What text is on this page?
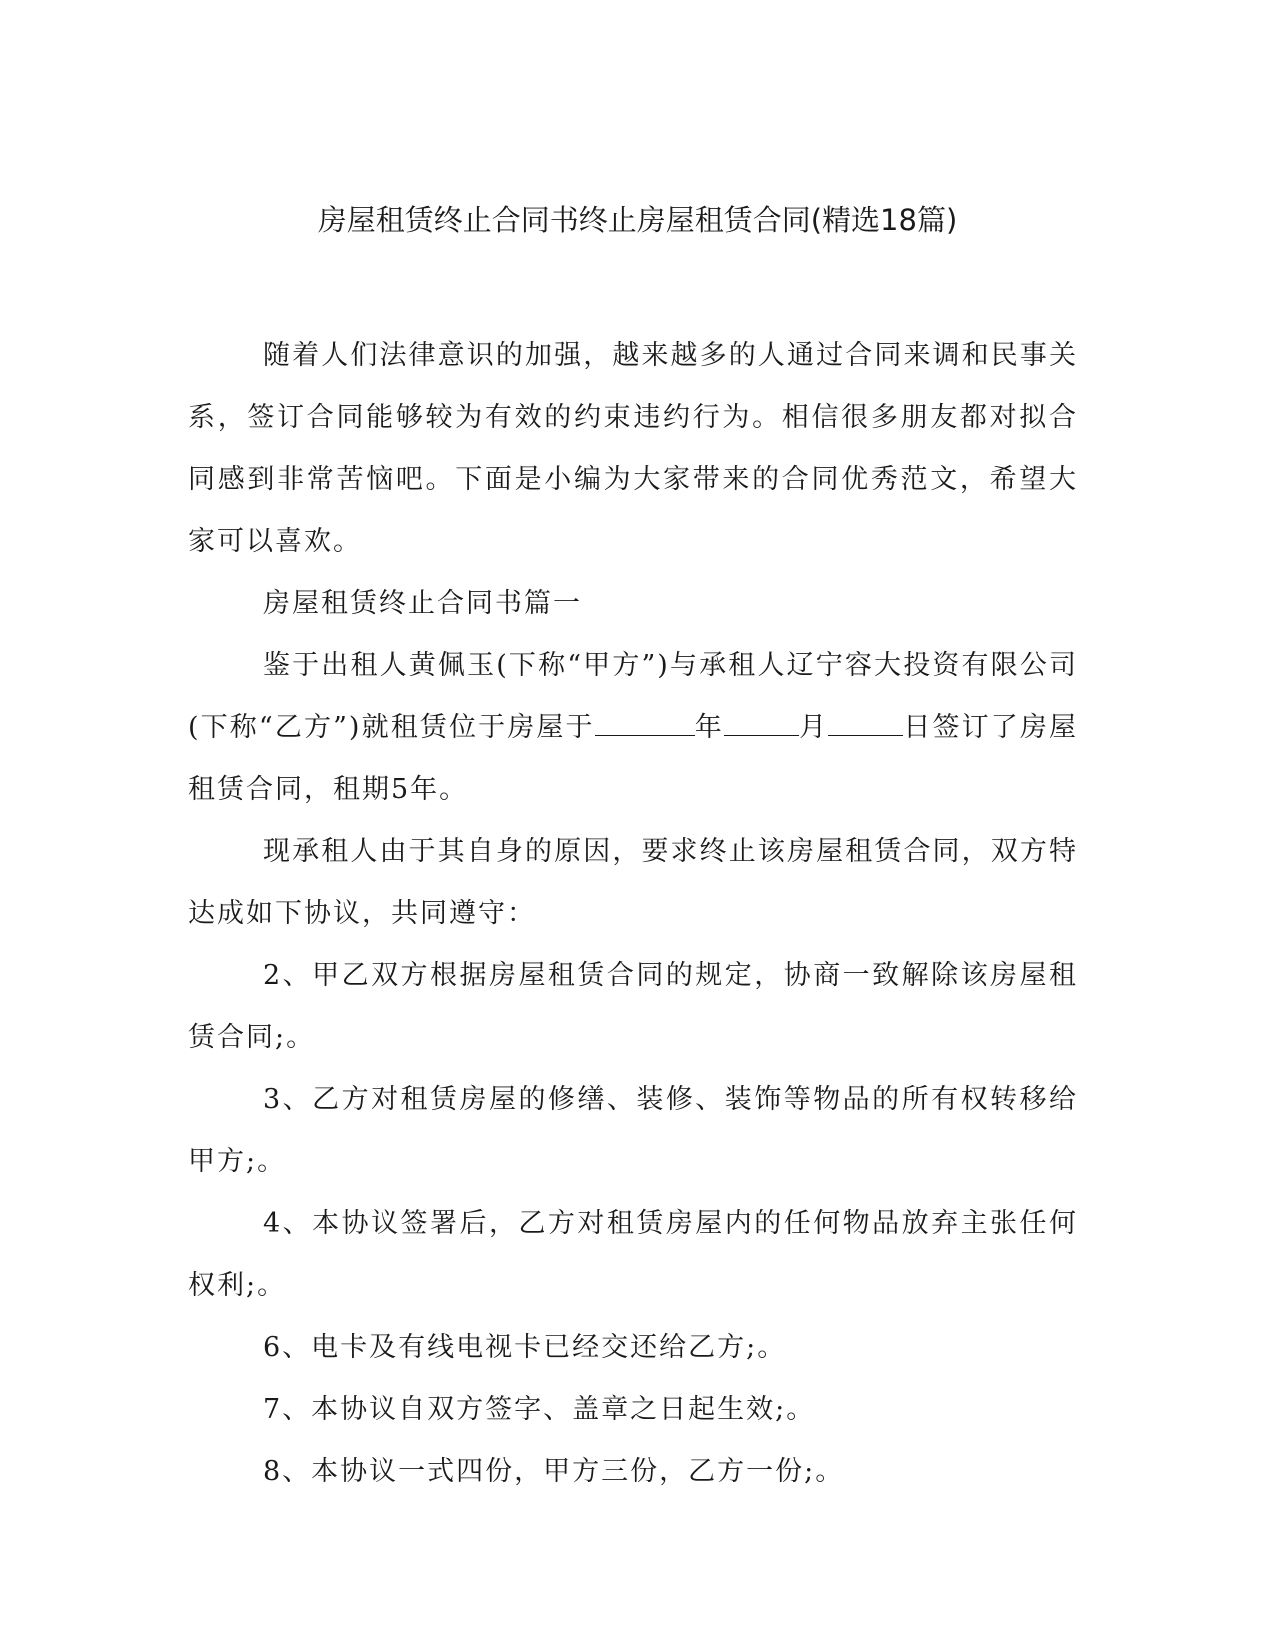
房屋租赁终止合同书终止房屋租赁合同(精选18篇)

随着人们法律意识的加强，越来越多的人通过合同来调和民事关系，签订合同能够较为有效的约束违约行为。相信很多朋友都对拟合同感到非常苦恼吧。下面是小编为大家带来的合同优秀范文，希望大家可以喜欢。

房屋租赁终止合同书篇一

鉴于出租人黄佩玉(下称“甲方”)与承租人辽宁容大投资有限公司(下称“乙方”)就租赁位于房屋于	年	月	日签订了房屋租赁合同，租期5年。

现承租人由于其自身的原因，要求终止该房屋租赁合同，双方特达成如下协议，共同遵守：

2、甲乙双方根据房屋租赁合同的规定，协商一致解除该房屋租赁合同;。

3、乙方对租赁房屋的修缮、装修、装饰等物品的所有权转移给甲方;。

4、本协议签署后，乙方对租赁房屋内的任何物品放弃主张任何权利;。

6、电卡及有线电视卡已经交还给乙方;。

7、本协议自双方签字、盖章之日起生效;。

8、本协议一式四份，甲方三份，乙方一份;。
